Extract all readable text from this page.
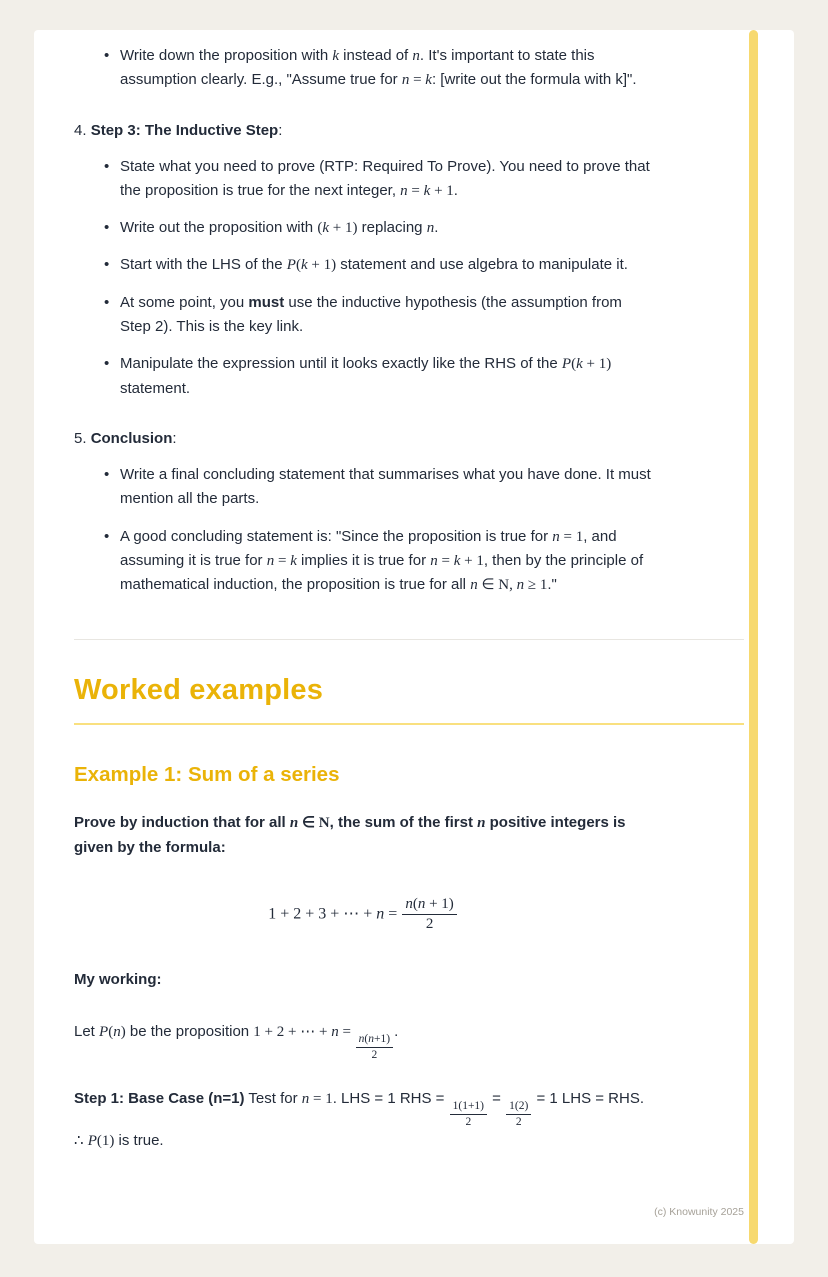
• Write down the proposition with k instead of n. It's important to state this assumption clearly. E.g., "Assume true for n = k: [write out the formula with k]".
4. Step 3: The Inductive Step:
• State what you need to prove (RTP: Required To Prove). You need to prove that the proposition is true for the next integer, n = k + 1.
• Write out the proposition with (k + 1) replacing n.
• Start with the LHS of the P(k + 1) statement and use algebra to manipulate it.
• At some point, you must use the inductive hypothesis (the assumption from Step 2). This is the key link.
• Manipulate the expression until it looks exactly like the RHS of the P(k + 1) statement.
5. Conclusion:
• Write a final concluding statement that summarises what you have done. It must mention all the parts.
• A good concluding statement is: "Since the proposition is true for n = 1, and assuming it is true for n = k implies it is true for n = k + 1, then by the principle of mathematical induction, the proposition is true for all n ∈ N, n ≥ 1."
Worked examples
Example 1: Sum of a series

Prove by induction that for all n ∈ N, the sum of the first n positive integers is given by the formula:

1 + 2 + 3 + ⋯ + $n = \frac{n(n + 1)}{2}$

My working:

Let P(n) be the proposition 1 + 2 + ⋯ + n =
$\frac{n(n+1)}{2}$
.

Step 1: Base Case (n=1) Test for n = 1. LHS = 1 RHS =
$\frac{1(1+1)}{2}$
=
$\frac{1(2)}{2}$
= 1 LHS = RHS. ∴ P(1) is true.

(c) Knowunity 2025
